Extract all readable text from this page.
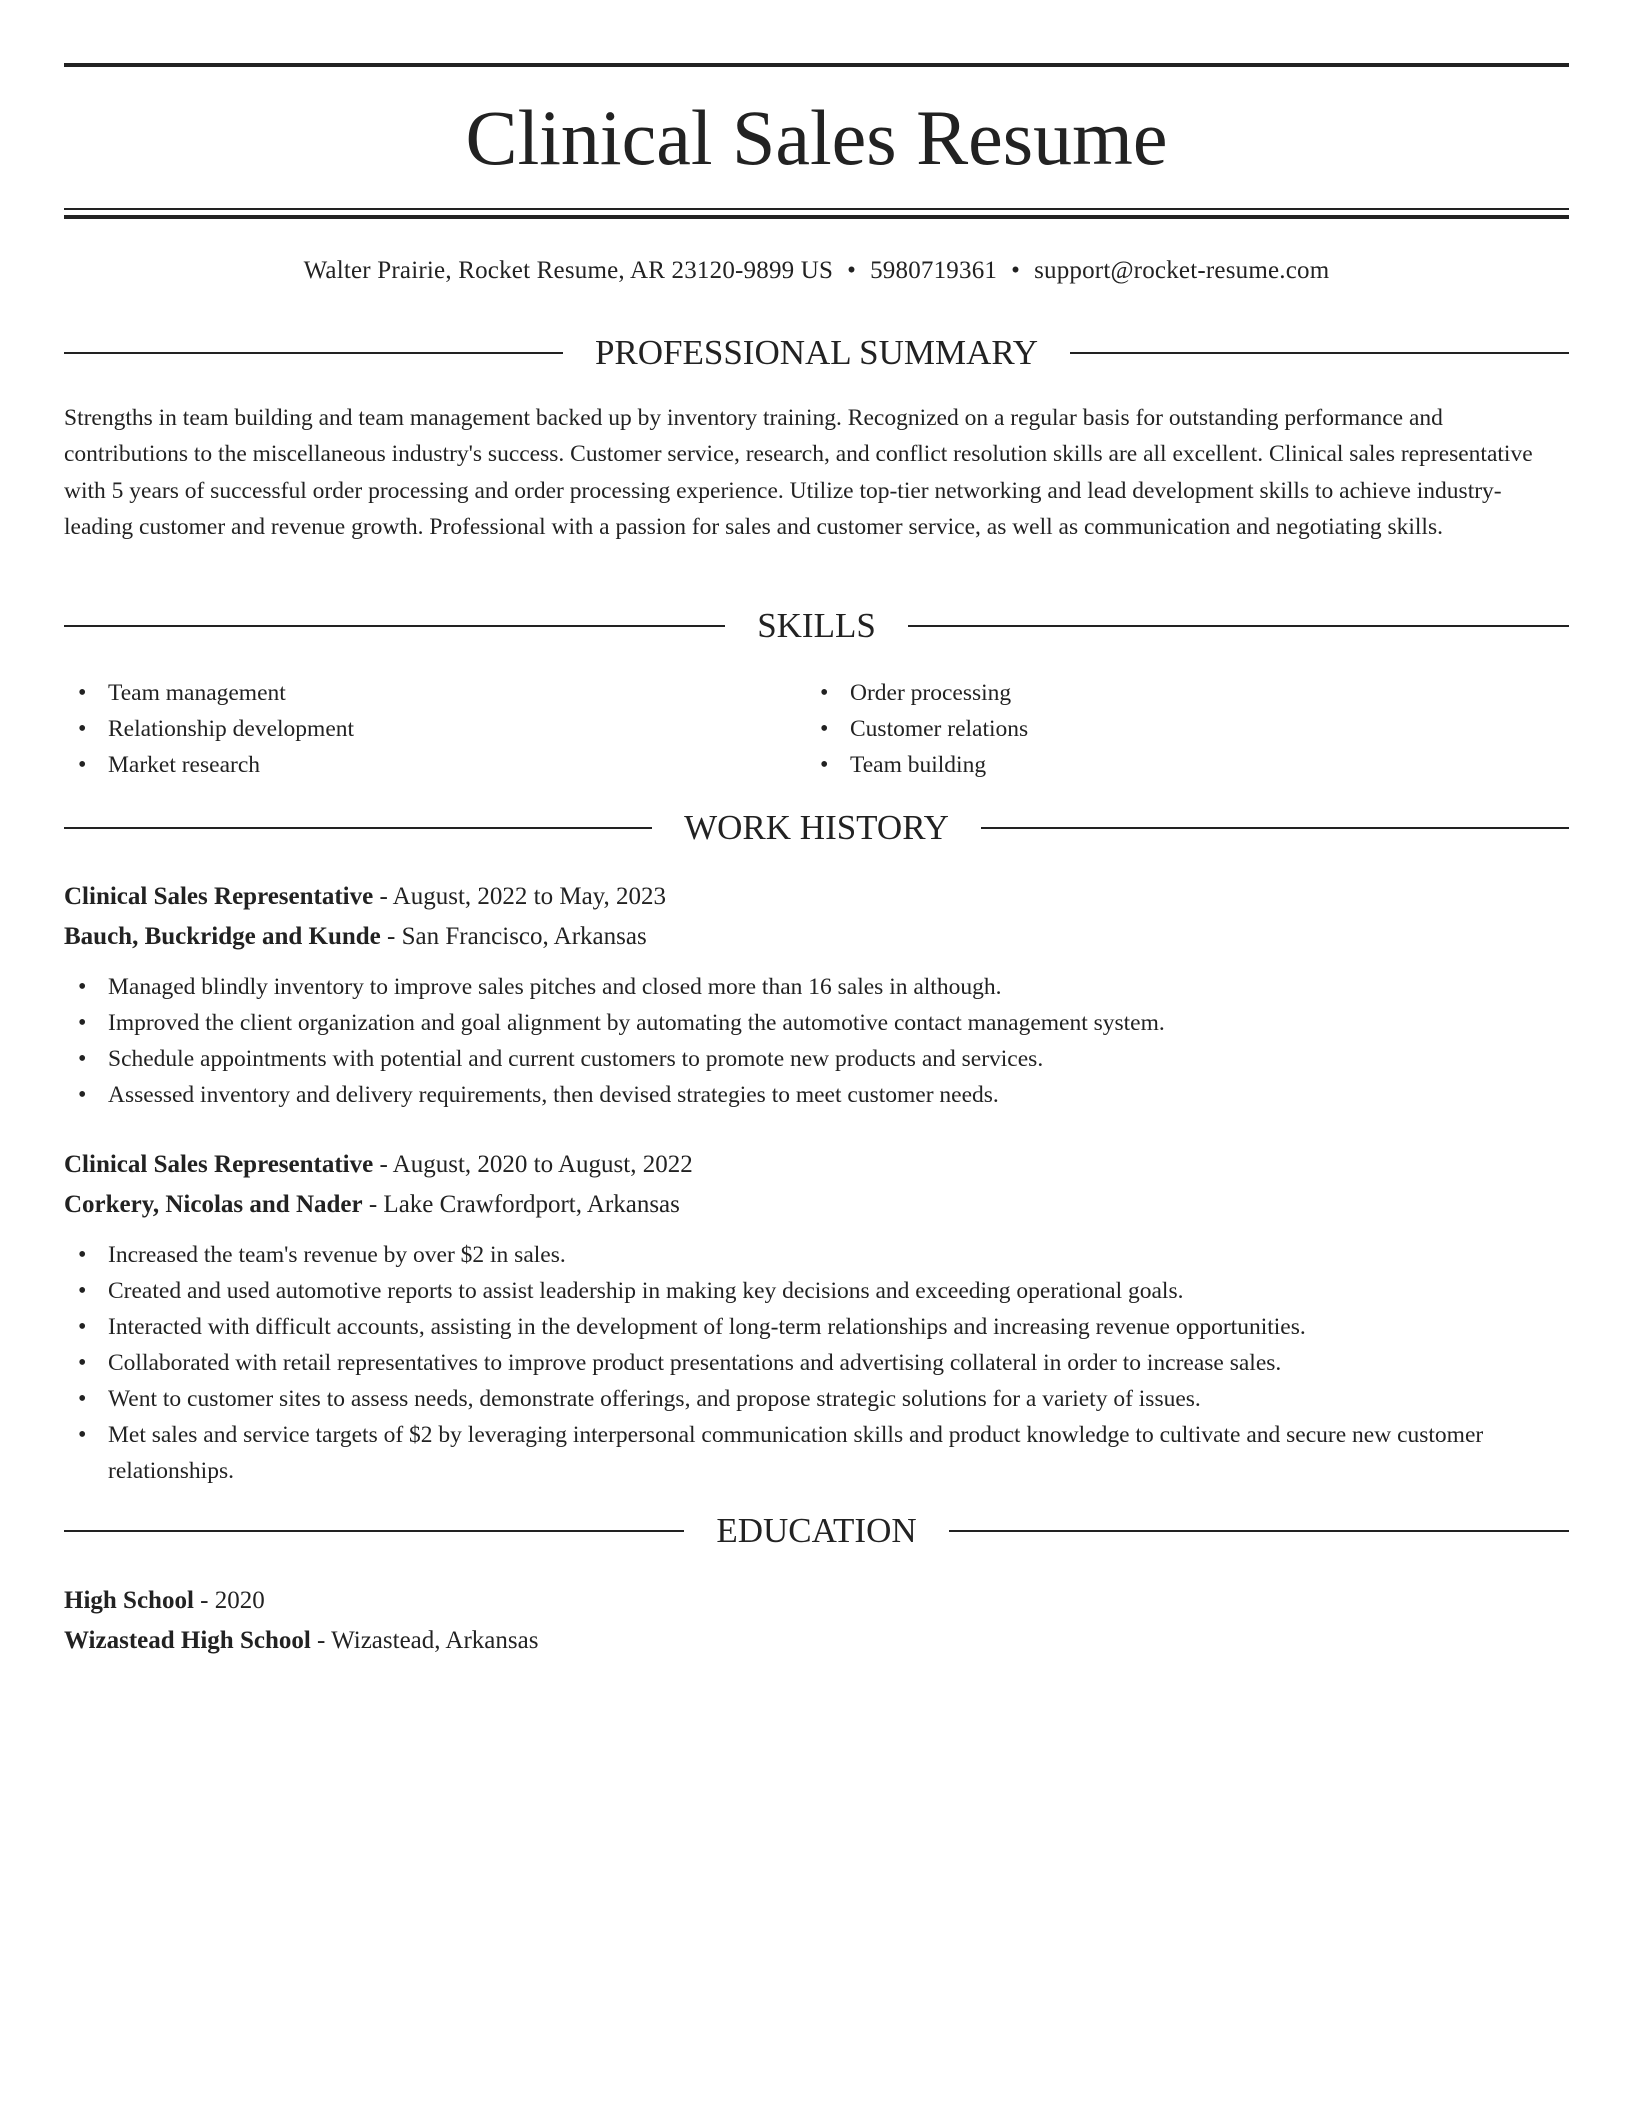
Clinical Sales Resume
Walter Prairie, Rocket Resume, AR 23120-9899 US • 5980719361 • support@rocket-resume.com
PROFESSIONAL SUMMARY

Strengths in team building and team management backed up by inventory training. Recognized on a regular basis for outstanding performance and contributions to the miscellaneous industry's success. Customer service, research, and conflict resolution skills are all excellent. Clinical sales representative with 5 years of successful order processing and order processing experience. Utilize top-tier networking and lead development skills to achieve industry-leading customer and revenue growth. Professional with a passion for sales and customer service, as well as communication and negotiating skills.

SKILLS
• Team management
• Relationship development
• Market research
• Order processing
• Customer relations
• Team building
WORK HISTORY
Clinical Sales Representative - August, 2022 to May, 2023
Bauch, Buckridge and Kunde - San Francisco, Arkansas
• Managed blindly inventory to improve sales pitches and closed more than 16 sales in although.
• Improved the client organization and goal alignment by automating the automotive contact management system.
• Schedule appointments with potential and current customers to promote new products and services.
• Assessed inventory and delivery requirements, then devised strategies to meet customer needs.
Clinical Sales Representative - August, 2020 to August, 2022
Corkery, Nicolas and Nader - Lake Crawfordport, Arkansas
• Increased the team's revenue by over $2 in sales.
• Created and used automotive reports to assist leadership in making key decisions and exceeding operational goals.
• Interacted with difficult accounts, assisting in the development of long-term relationships and increasing revenue opportunities.
• Collaborated with retail representatives to improve product presentations and advertising collateral in order to increase sales.
• Went to customer sites to assess needs, demonstrate offerings, and propose strategic solutions for a variety of issues.
• Met sales and service targets of $2 by leveraging interpersonal communication skills and product knowledge to cultivate and secure new customer relationships.
EDUCATION
High School - 2020
Wizastead High School - Wizastead, Arkansas
